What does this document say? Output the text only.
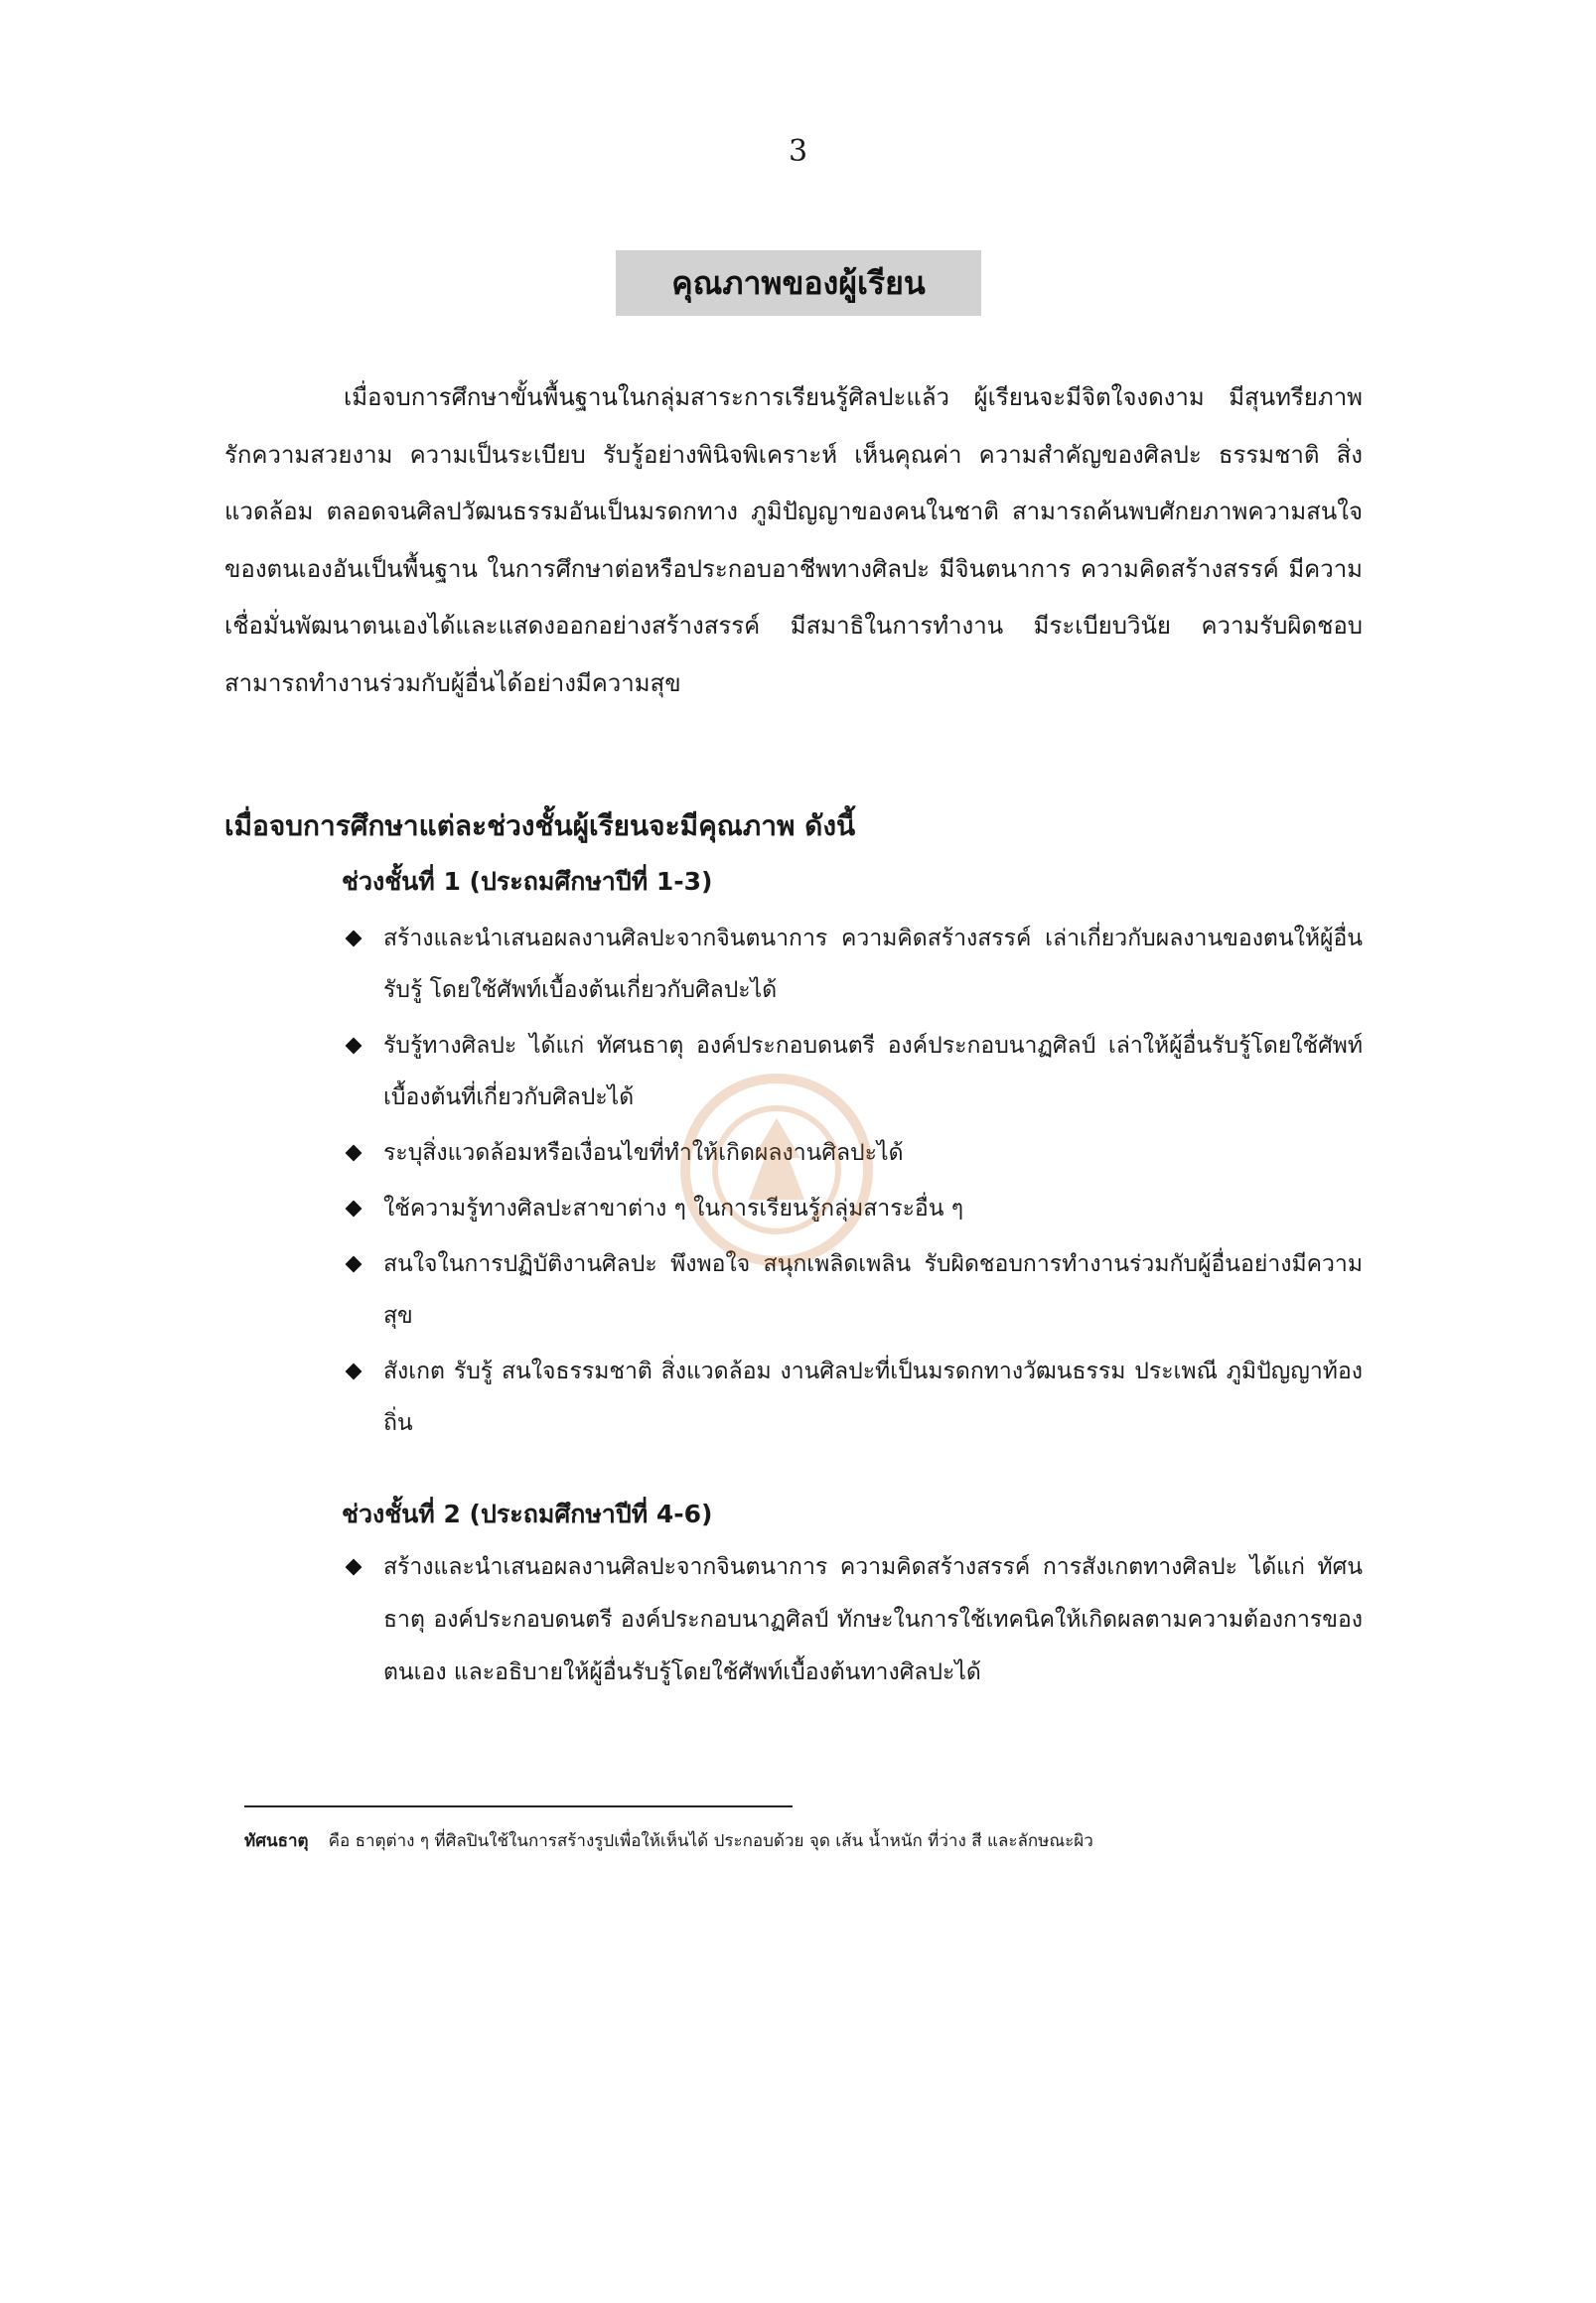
3
คุณภาพของผู้เรียน

เมื่อจบการศึกษาขั้นพื้นฐานในกลุ่มสาระการเรียนรู้ศิลปะแล้ว ผู้เรียนจะมีจิตใจงดงาม มีสุนทรียภาพ รักความสวยงาม ความเป็นระเบียบ รับรู้อย่างพินิจพิเคราะห์ เห็นคุณค่า ความสำคัญของศิลปะ ธรรมชาติ สิ่งแวดล้อม ตลอดจนศิลปวัฒนธรรมอันเป็นมรดกทาง ภูมิปัญญาของคนในชาติ สามารถค้นพบศักยภาพความสนใจของตนเองอันเป็นพื้นฐาน ในการศึกษาต่อหรือประกอบอาชีพทางศิลปะ มีจินตนาการ ความคิดสร้างสรรค์ มีความ เชื่อมั่นพัฒนาตนเองได้และแสดงออกอย่างสร้างสรรค์ มีสมาธิในการทำงาน มีระเบียบวินัย ความรับผิดชอบ สามารถทำงานร่วมกับผู้อื่นได้อย่างมีความสุข

เมื่อจบการศึกษาแต่ละช่วงชั้นผู้เรียนจะมีคุณภาพ ดังนี้
ช่วงชั้นที่ 1 (ประถมศึกษาปีที่ 1-3)
สร้างและนำเสนอผลงานศิลปะจากจินตนาการ ความคิดสร้างสรรค์ เล่าเกี่ยวกับผลงานของตนให้ผู้อื่นรับรู้ โดยใช้ศัพท์เบื้องต้นเกี่ยวกับศิลปะได้
รับรู้ทางศิลปะ ได้แก่ ทัศนธาตุ องค์ประกอบดนตรี องค์ประกอบนาฏศิลป์ เล่าให้ผู้อื่นรับรู้โดยใช้ศัพท์เบื้องต้นที่เกี่ยวกับศิลปะได้
ระบุสิ่งแวดล้อมหรือเงื่อนไขที่ทำให้เกิดผลงานศิลปะได้
ใช้ความรู้ทางศิลปะสาขาต่าง ๆ ในการเรียนรู้กลุ่มสาระอื่น ๆ
สนใจในการปฏิบัติงานศิลปะ พึงพอใจ สนุกเพลิดเพลิน รับผิดชอบการทำงานร่วมกับผู้อื่นอย่างมีความสุข
สังเกต รับรู้ สนใจธรรมชาติ สิ่งแวดล้อม งานศิลปะที่เป็นมรดกทางวัฒนธรรม ประเพณี ภูมิปัญญาท้องถิ่น
ช่วงชั้นที่ 2 (ประถมศึกษาปีที่ 4-6)
สร้างและนำเสนอผลงานศิลปะจากจินตนาการ ความคิดสร้างสรรค์ การสังเกตทางศิลปะ ได้แก่ ทัศนธาตุ องค์ประกอบดนตรี องค์ประกอบนาฏศิลป์ ทักษะในการใช้เทคนิคให้เกิดผลตามความต้องการของตนเอง และอธิบายให้ผู้อื่นรับรู้โดยใช้ศัพท์เบื้องต้นทางศิลปะได้

ทัศนธาตุ คือ ธาตุต่าง ๆ ที่ศิลปินใช้ในการสร้างรูปเพื่อให้เห็นได้ ประกอบด้วย จุด เส้น น้ำหนัก ที่ว่าง สี และลักษณะผิว
